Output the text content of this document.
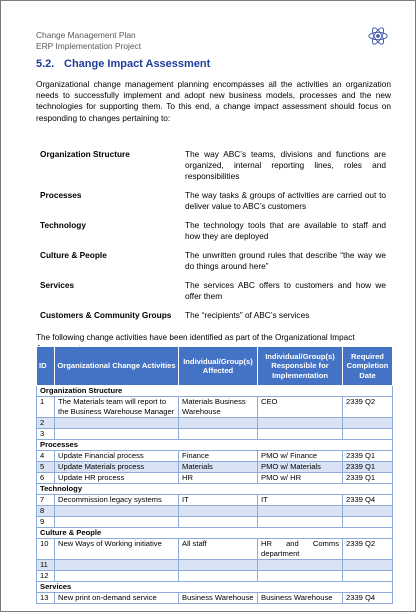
Change Management Plan
ERP Implementation Project
5.2. Change Impact Assessment
Organizational change management planning encompasses all the activities an organization needs to successfully implement and adopt new business models, processes and the new technologies for supporting them. To this end, a change impact assessment should focus on responding to changes pertaining to:
Organization Structure	The way ABC’s teams, divisions and functions are organized, internal reporting lines, roles and responsibilities
Processes	The way tasks & groups of activities are carried out to deliver value to ABC’s customers
Technology	The technology tools that are available to staff and how they are deployed
Culture & People	The unwritten ground rules that describe “the way we do things around here”
Services	The services ABC offers to customers and how we offer them
Customers & Community Groups	The “recipients” of ABC’s services
The following change activities have been identified as part of the Organizational Impact
ID	Organizational Change Activities	Individual/Group(s) Affected	Individual/Group(s) Responsible for Implementation	Required Completion Date
Organization Structure				
1	The Materials team will report to the Business Warehouse Manager	Materials Business Warehouse	CEO	2339 Q2
2				
3				
Processes				
4	Update Financial process	Finance	PMO w/ Finance	2339 Q1
5	Update Materials process	Materials	PMO w/ Materials	2339 Q1
6	Update HR process	HR	PMO w/ HR	2339 Q1
Technology				
7	Decommission legacy systems	IT	IT	2339 Q4
8				
9				
Culture & People				
10	New Ways of Working initiative	All staff	HR and Comms department	2339 Q2
11				
12				
Services				
13	New print on-demand service	Business Warehouse	Business Warehouse	2339 Q4
